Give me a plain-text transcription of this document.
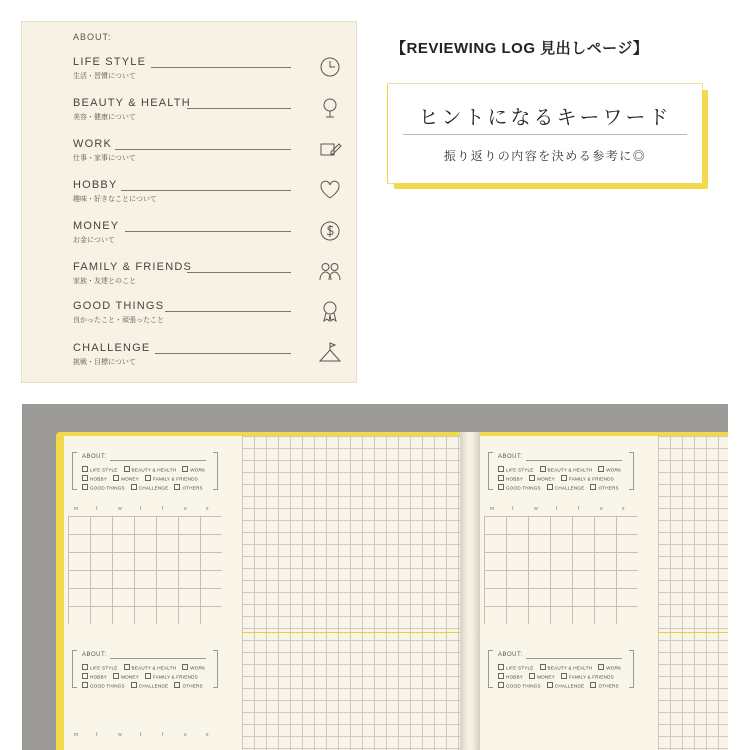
ABOUT:
LIFE STYLE
生活・習慣について
BEAUTY & HEALTH
美容・健康について
WORK
仕事・家事について
HOBBY
趣味・好きなことについて
MONEY
お金について
FAMILY & FRIENDS
家族・友達とのこと
GOOD THINGS
良かったこと・頑張ったこと
CHALLENGE
挑戦・目標について
【REVIEWING LOG 見出しページ】
ヒントになるキーワード
振り返りの内容を決める参考に◎
ABOUT:
LIFE STYLE	BEAUTY & HEALTH	WORK
HOBBY	MONEY	FAMILY & FRIENDS
GOOD THINGS	CHALLENGE	OTHERS
m	t	w	t	f	s	s
ABOUT:
LIFE STYLE	BEAUTY & HEALTH	WORK
HOBBY	MONEY	FAMILY & FRIENDS
GOOD THINGS	CHALLENGE	OTHERS
m	t	w	t	f	s	s
ABOUT:
LIFE STYLE	BEAUTY & HEALTH	WORK
HOBBY	MONEY	FAMILY & FRIENDS
GOOD THINGS	CHALLENGE	OTHERS
m	t	w	t	f	s	s
ABOUT:
LIFE STYLE	BEAUTY & HEALTH	WORK
HOBBY	MONEY	FAMILY & FRIENDS
GOOD THINGS	CHALLENGE	OTHERS
